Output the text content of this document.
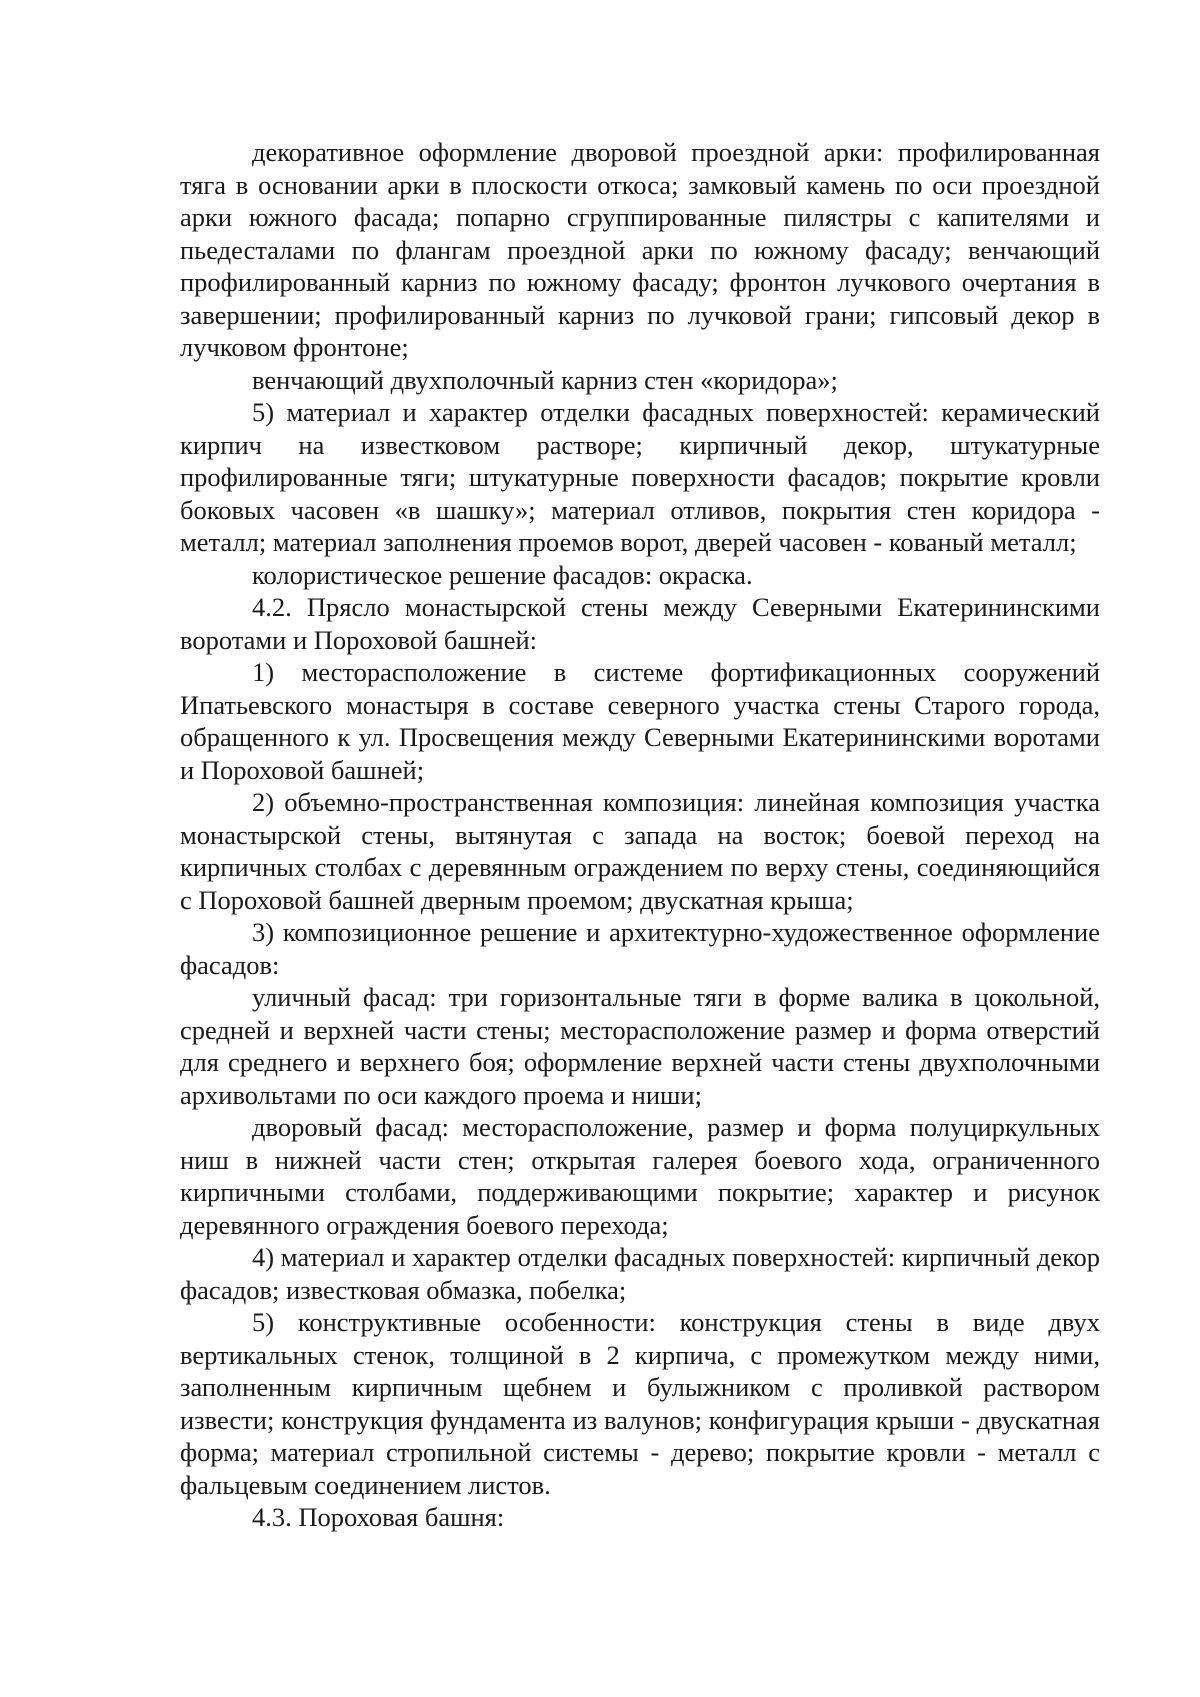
декоративное оформление дворовой проездной арки: профилированная тяга в основании арки в плоскости откоса; замковый камень по оси проездной арки южного фасада; попарно сгруппированные пилястры с капителями и пьедесталами по флангам проездной арки по южному фасаду; венчающий профилированный карниз по южному фасаду; фронтон лучкового очертания в завершении; профилированный карниз по лучковой грани; гипсовый декор в лучковом фронтоне;

венчающий двухполочный карниз стен «коридора»;

5) материал и характер отделки фасадных поверхностей: керамический кирпич на известковом растворе; кирпичный декор, штукатурные профилированные тяги; штукатурные поверхности фасадов; покрытие кровли боковых часовен «в шашку»; материал отливов, покрытия стен коридора - металл; материал заполнения проемов ворот, дверей часовен - кованый металл;

колористическое решение фасадов: окраска.

4.2. Прясло монастырской стены между Северными Екатерининскими воротами и Пороховой башней:

1) месторасположение в системе фортификационных сооружений Ипатьевского монастыря в составе северного участка стены Старого города, обращенного к ул. Просвещения между Северными Екатерининскими воротами и Пороховой башней;

2) объемно-пространственная композиция: линейная композиция участка монастырской стены, вытянутая с запада на восток; боевой переход на кирпичных столбах с деревянным ограждением по верху стены, соединяющийся с Пороховой башней дверным проемом; двускатная крыша;

3) композиционное решение и архитектурно-художественное оформление фасадов:

уличный фасад: три горизонтальные тяги в форме валика в цокольной, средней и верхней части стены; месторасположение размер и форма отверстий для среднего и верхнего боя; оформление верхней части стены двухполочными архивольтами по оси каждого проема и ниши;

дворовый фасад: месторасположение, размер и форма полуциркульных ниш в нижней части стен; открытая галерея боевого хода, ограниченного кирпичными столбами, поддерживающими покрытие; характер и рисунок деревянного ограждения боевого перехода;

4) материал и характер отделки фасадных поверхностей: кирпичный декор фасадов; известковая обмазка, побелка;

5) конструктивные особенности: конструкция стены в виде двух вертикальных стенок, толщиной в 2 кирпича, с промежутком между ними, заполненным кирпичным щебнем и булыжником с проливкой раствором извести; конструкция фундамента из валунов; конфигурация крыши - двускатная форма; материал стропильной системы - дерево; покрытие кровли - металл с фальцевым соединением листов.

4.3. Пороховая башня:
